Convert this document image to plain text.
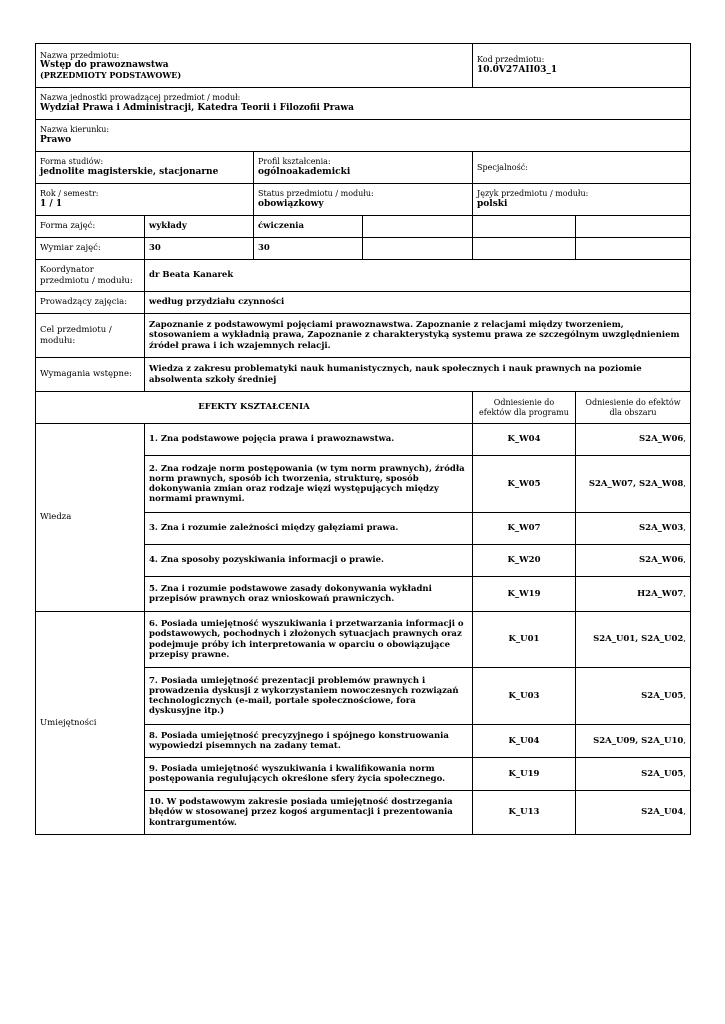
Nazwa przedmiotu:
Wstęp do prawoznawstwa
(PRZEDMIOTY PODSTAWOWE)				Kod przedmiotu:
10.0V27AII03_1	

Nazwa jednostki prowadzącej przedmiot / moduł:
Wydział Prawa i Administracji, Katedra Teorii i Filozofii Prawa					

Nazwa kierunku:
Prawo					

Forma studiów:
jednolite magisterskie, stacjonarne		Profil kształcenia:
ogólnoakademicki		Specjalność:	

Rok / semestr:
1 / 1		Status przedmiotu / modułu:
obowiązkowy		Język przedmiotu / modułu:
polski	

Forma zajęć:	wykłady	ćwiczenia			
Wymiar zajęć:	30	30			
Koordynator przedmiotu / modułu:	dr Beata Kanarek				
Prowadzący zajęcia:	według przydziału czynności				
Cel przedmiotu / modułu:	Zapoznanie z podstawowymi pojęciami prawoznawstwa. Zapoznanie z relacjami między tworzeniem, stosowaniem a wykładnią prawa, Zapoznanie z charakterystyką systemu prawa ze szczególnym uwzględnieniem źródeł prawa i ich wzajemnych relacji.				
Wymagania wstępne:	Wiedza z zakresu problematyki nauk humanistycznych, nauk społecznych i nauk prawnych na poziomie absolwenta szkoły średniej				
EFEKTY KSZTAŁCENIA				Odniesienie do efektów dla programu	Odniesienie do efektów dla obszaru
Wiedza	1. Zna podstawowe pojęcia prawa i prawoznawstwa.			K_W04	S2A_W06,
	2. Zna rodzaje norm postępowania (w tym norm prawnych), źródła norm prawnych, sposób ich tworzenia, strukturę, sposób dokonywania zmian oraz rodzaje więzi występujących między normami prawnymi.			K_W05	S2A_W07, S2A_W08,
	3. Zna i rozumie zależności między gałęziami prawa.			K_W07	S2A_W03,
	4. Zna sposoby pozyskiwania informacji o prawie.			K_W20	S2A_W06,
	5. Zna i rozumie podstawowe zasady dokonywania wykładni przepisów prawnych oraz wnioskowań prawniczych.			K_W19	H2A_W07,
Umiejętności	6. Posiada umiejętność wyszukiwania i przetwarzania informacji o podstawowych, pochodnych i złożonych sytuacjach prawnych oraz podejmuje próby ich interpretowania w oparciu o obowiązujące przepisy prawne.			K_U01	S2A_U01, S2A_U02,
	7. Posiada umiejętność prezentacji problemów prawnych i prowadzenia dyskusji z wykorzystaniem nowoczesnych rozwiązań technologicznych (e-mail, portale społecznościowe, fora dyskusyjne itp.)			K_U03	S2A_U05,
	8. Posiada umiejętność precyzyjnego i spójnego konstruowania wypowiedzi pisemnych na zadany temat.			K_U04	S2A_U09, S2A_U10,
	9. Posiada umiejętność wyszukiwania i kwalifikowania norm postępowania regulujących określone sfery życia społecznego.			K_U19	S2A_U05,
	10. W podstawowym zakresie posiada umiejętność dostrzegania błędów w stosowanej przez kogoś argumentacji i prezentowania kontrargumentów.			K_U13	S2A_U04,
